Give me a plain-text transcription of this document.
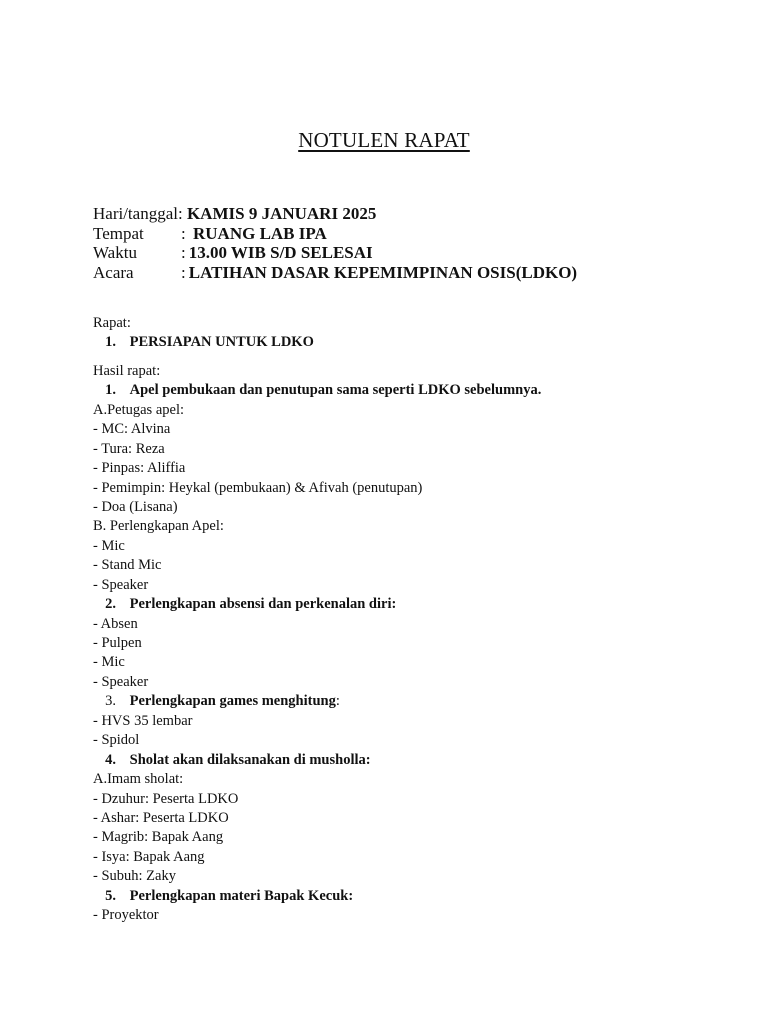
NOTULEN RAPAT
Hari/tanggal: KAMIS 9 JANUARI 2025
Tempat : RUANG LAB IPA
Waktu	: 13.00 WIB S/D SELESAI
Acara	: LATIHAN DASAR KEPEMIMPINAN OSIS(LDKO)
Rapat:
1. PERSIAPAN UNTUK LDKO
Hasil rapat:
1. Apel pembukaan dan penutupan sama seperti LDKO sebelumnya.
A.Petugas apel:
- MC: Alvina
- Tura: Reza
- Pinpas: Aliffia
- Pemimpin: Heykal (pembukaan) & Afivah (penutupan)
- Doa (Lisana)
B. Perlengkapan Apel:
- Mic
- Stand Mic
- Speaker
2. Perlengkapan absensi dan perkenalan diri:
- Absen
- Pulpen
- Mic
- Speaker
3. Perlengkapan games menghitung:
- HVS 35 lembar
- Spidol
4. Sholat akan dilaksanakan di musholla:
A.Imam sholat:
- Dzuhur: Peserta LDKO
- Ashar: Peserta LDKO
- Magrib: Bapak Aang
- Isya: Bapak Aang
- Subuh: Zaky
5. Perlengkapan materi Bapak Kecuk:
- Proyektor
